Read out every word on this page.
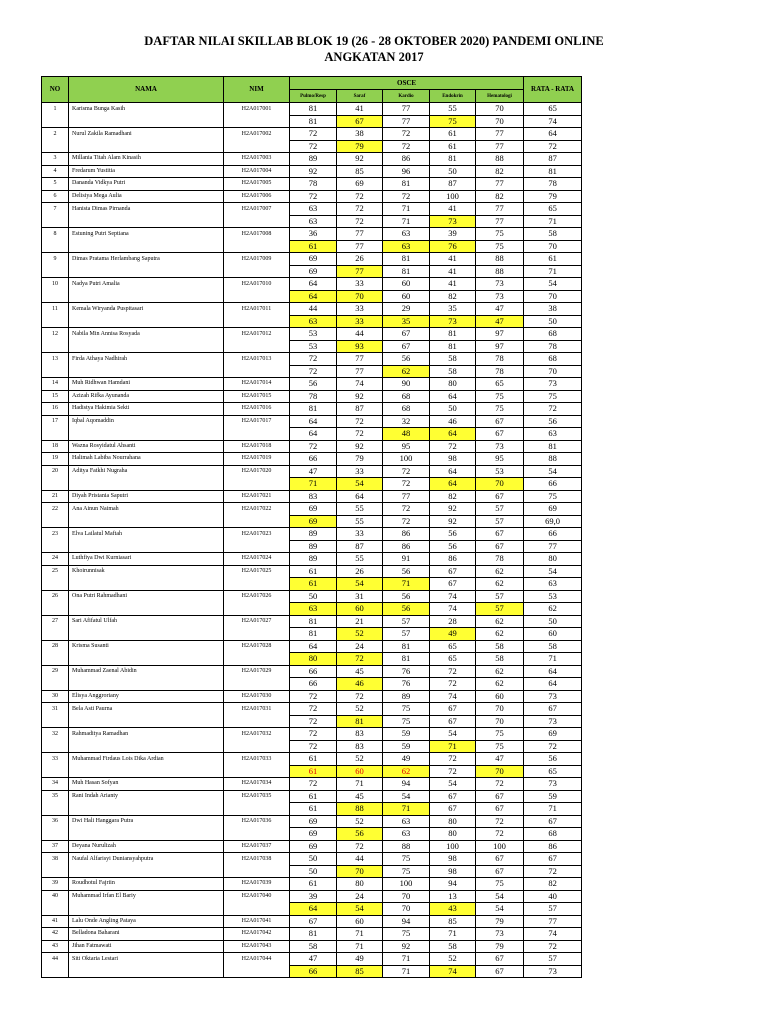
DAFTAR NILAI SKILLAB BLOK 19 (26 - 28 OKTOBER 2020) PANDEMI ONLINE
ANGKATAN 2017
NO	NAMA	NIM	OSCE					RATA - RATA
			Pulmo/Resp	Saraf	Kardio	Endokrin	Hematologi	
1	Karisma Bunga Kasih	H2A017001	81	41	77	55	70	65
			81	67	77	75	70	74
2	Nurul Zakila Ramadhani	H2A017002	72	38	72	61	77	64
			72	79	72	61	77	72
3	Millania Titah Alam Kinasih	H2A017003	89	92	86	81	88	87
4	Fredarum Yustitia	H2A017004	92	85	96	50	82	81
5	Dananda Vidkya Putri	H2A017005	78	69	81	87	77	78
6	Delisiya Mega Aulia	H2A017006	72	72	72	100	82	79
7	Hanista Dimas Pirnanda	H2A017007	63	72	71	41	77	65
			63	72	71	73	77	71
8	Estuning Putri Septiana	H2A017008	36	77	63	39	75	58
			61	77	63	76	75	70
9	Dimas Pratama Herlambang Saputra	H2A017009	69	26	81	41	88	61
			69	77	81	41	88	71
10	Nadya Putri Amalia	H2A017010	64	33	60	41	73	54
			64	70	60	82	73	70
11	Kemala Wiryanda Puspitasari	H2A017011	44	33	29	35	47	38
			63	33	35	73	47	50
12	Nabila Min Annisa Rosyada	H2A017012	53	44	67	81	97	68
			53	93	67	81	97	78
13	Firda Athaya Nadhirah	H2A017013	72	77	56	58	78	68
			72	77	62	58	78	70
14	Muh Ridhwan Hamdani	H2A017014	56	74	90	80	65	73
15	Azizah Rifka Ayunanda	H2A017015	78	92	68	64	75	75
16	Hadistya Hakimia Sekti	H2A017016	81	87	68	50	75	72
17	Iqbal Aqomaddin	H2A017017	64	72	32	46	67	56
			64	72	48	64	67	63
18	Wazna Rosyidatul Ahsanti	H2A017018	72	92	95	72	73	81
19	Halimah Labiba Nourrahana	H2A017019	66	79	100	98	95	88
20	Aditya Fatkhi Nugraha	H2A017020	47	33	72	64	53	54
			71	54	72	64	70	66
21	Diyah Pristania Saputri	H2A017021	83	64	77	82	67	75
22	Ana Ainun Naimah	H2A017022	69	55	72	92	57	69
			69	55	72	92	57	69,0
23	Elva Lailatul Maftah	H2A017023	89	33	86	56	67	66
			89	87	86	56	67	77
24	Luthfiya Dwi Kurniasari	H2A017024	89	55	91	86	78	80
25	Khoirunnisak	H2A017025	61	26	56	67	62	54
			61	54	71	67	62	63
26	Ona Putri Rahmadhani	H2A017026	50	31	56	74	57	53
			63	60	56	74	57	62
27	Sari Afifatul Ulfah	H2A017027	81	21	57	28	62	50
			81	52	57	49	62	60
28	Krisma Susanti	H2A017028	64	24	81	65	58	58
			80	72	81	65	58	71
29	Muhammad Zaenal Abidin	H2A017029	66	45	76	72	62	64
			66	46	76	72	62	64
30	Elisya Anggroriany	H2A017030	72	72	89	74	60	73
31	Bela Asti Paurna	H2A017031	72	52	75	67	70	67
			72	81	75	67	70	73
32	Rahmaditya Ramadhan	H2A017032	72	83	59	54	75	69
			72	83	59	71	75	72
33	Muhammad Firdaus Lois Dika Ardian	H2A017033	61	52	49	72	47	56
			61	60	62	72	70	65
34	Muh Hasan Sofyan	H2A017034	72	71	94	54	72	73
35	Rani Indah Arianty	H2A017035	61	45	54	67	67	59
			61	88	71	67	67	71
36	Dwi Hali Hanggara Putra	H2A017036	69	52	63	80	72	67
			69	56	63	80	72	68
37	Deyana Nurulizah	H2A017037	69	72	88	100	100	86
38	Naufal Alfarisyi Duniansyahputra	H2A017038	50	44	75	98	67	67
			50	70	75	98	67	72
39	Roudhotul Fajriin	H2A017039	61	80	100	94	75	82
40	Muhammad Irfan El Bariy	H2A017040	39	24	70	13	54	40
			64	54	70	43	54	57
41	Lalu Onde Angling Pataya	H2A017041	67	60	94	85	79	77
42	Belladona Baharani	H2A017042	81	71	75	71	73	74
43	Jihan Fatmawati	H2A017043	58	71	92	58	79	72
44	Siti Oktaria Lestari	H2A017044	47	49	71	52	67	57
			66	85	71	74	67	73
